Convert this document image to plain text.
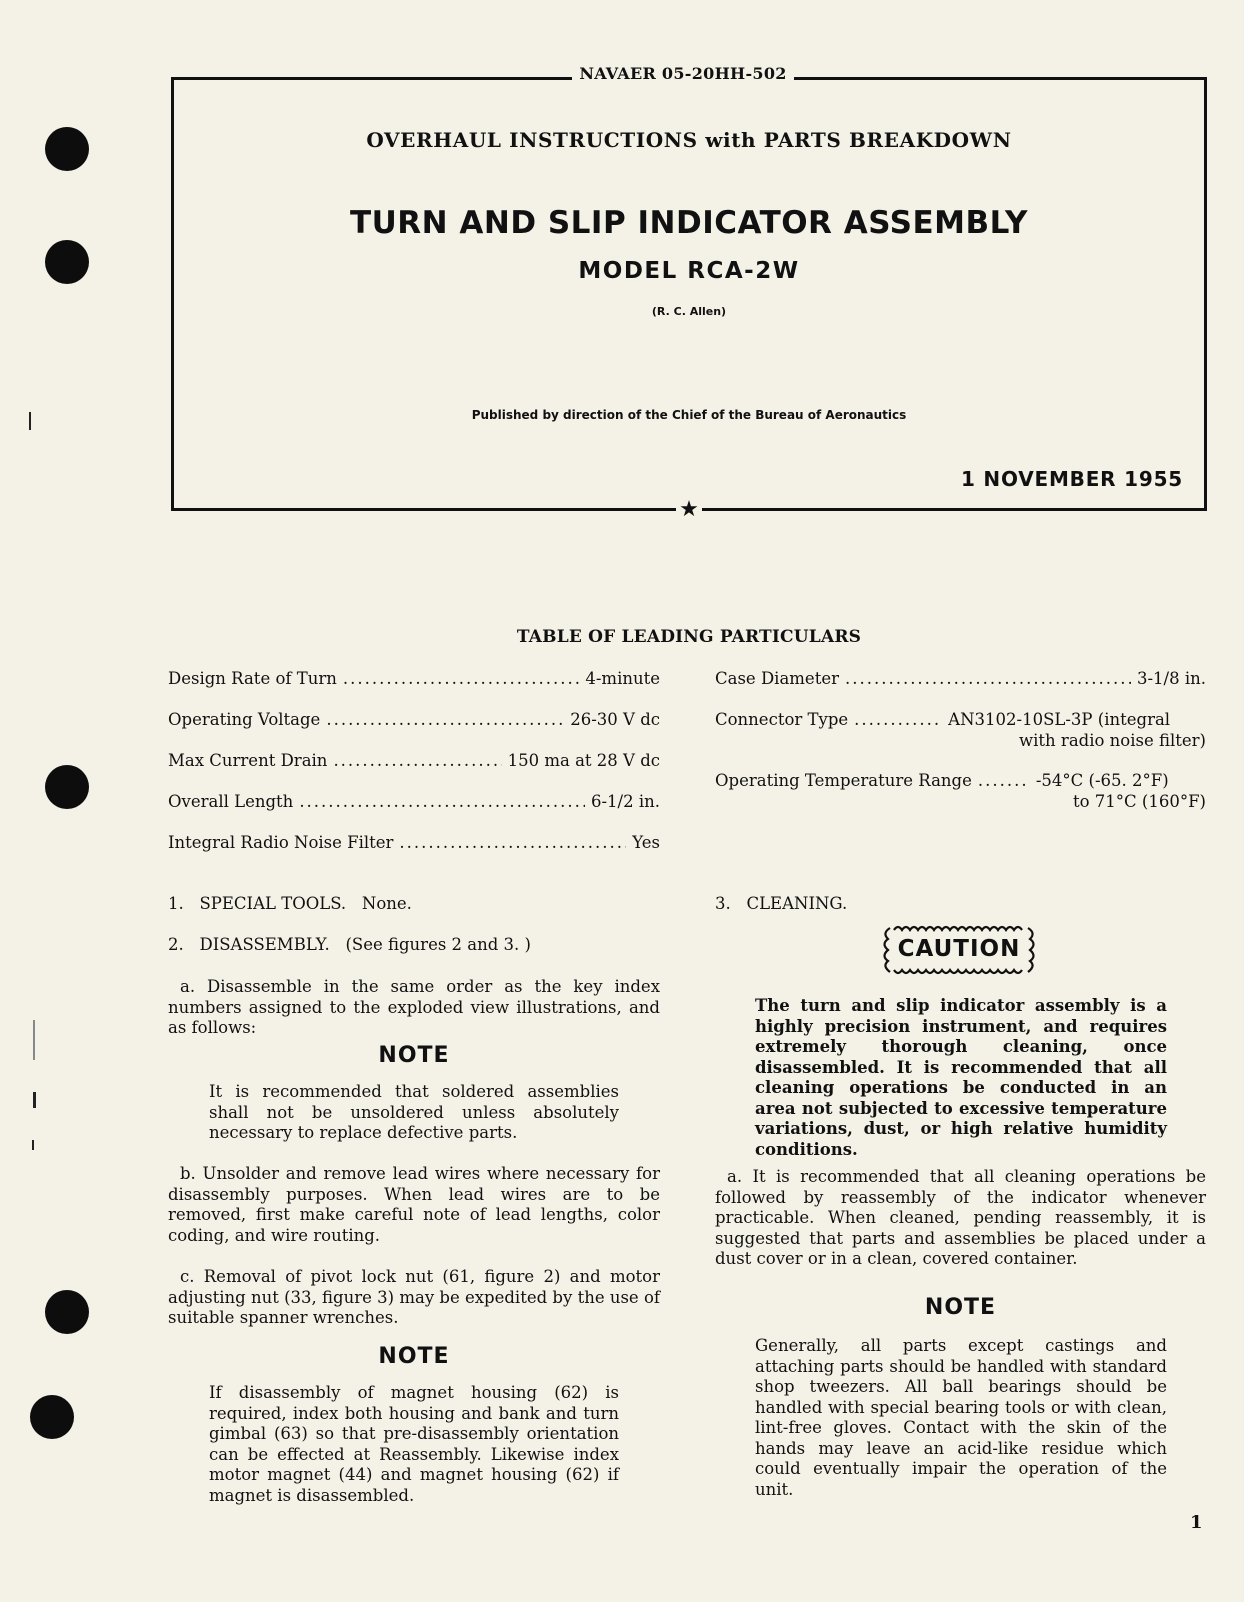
NAVAER 05-20HH-502
★
OVERHAUL INSTRUCTIONS with PARTS BREAKDOWN
TURN AND SLIP INDICATOR ASSEMBLY
MODEL RCA-2W
(R. C. Allen)
Published by direction of the Chief of the Bureau of Aeronautics
1 NOVEMBER 1955
TABLE OF LEADING PARTICULARS
Design Rate of Turn .....	4-minute
Operating Voltage .....	26-30 V dc
Max Current Drain .....	150 ma at 28 V dc
Overall Length .....	6-1/2 in.
Integral Radio Noise Filter .....	Yes
Case Diameter .....	3-1/8 in.
Connector Type .....	AN3102-10SL-3P (integral
with radio noise filter)
Operating Temperature Range .....	-54°C (-65. 2°F)
to 71°C (160°F)
1.   SPECIAL TOOLS.   None.
2.   DISASSEMBLY.   (See figures 2 and 3. )

a. Disassemble in the same order as the key index numbers assigned to the exploded view illustrations, and as follows:

NOTE

It is recommended that soldered assemblies shall not be unsoldered unless absolutely necessary to replace defective parts.

b. Unsolder and remove lead wires where necessary for disassembly purposes. When lead wires are to be removed, first make careful note of lead lengths, color coding, and wire routing.

c. Removal of pivot lock nut (61, figure 2) and motor adjusting nut (33, figure 3) may be expedited by the use of suitable spanner wrenches.

NOTE

If disassembly of magnet housing (62) is required, index both housing and bank and turn gimbal (63) so that pre-disassembly orientation can be effected at Reassembly. Likewise index motor magnet (44) and magnet housing (62) if magnet is disassembled.

3.   CLEANING.
CAUTION

The turn and slip indicator assembly is a highly precision instrument, and requires extremely thorough cleaning, once disassembled. It is recommended that all cleaning operations be conducted in an area not subjected to excessive temperature variations, dust, or high relative humidity conditions.

a. It is recommended that all cleaning operations be followed by reassembly of the indicator whenever practicable. When cleaned, pending reassembly, it is suggested that parts and assemblies be placed under a dust cover or in a clean, covered container.

NOTE

Generally, all parts except castings and attaching parts should be handled with standard shop tweezers. All ball bearings should be handled with special bearing tools or with clean, lint-free gloves. Contact with the skin of the hands may leave an acid-like residue which could eventually impair the operation of the unit.

1
